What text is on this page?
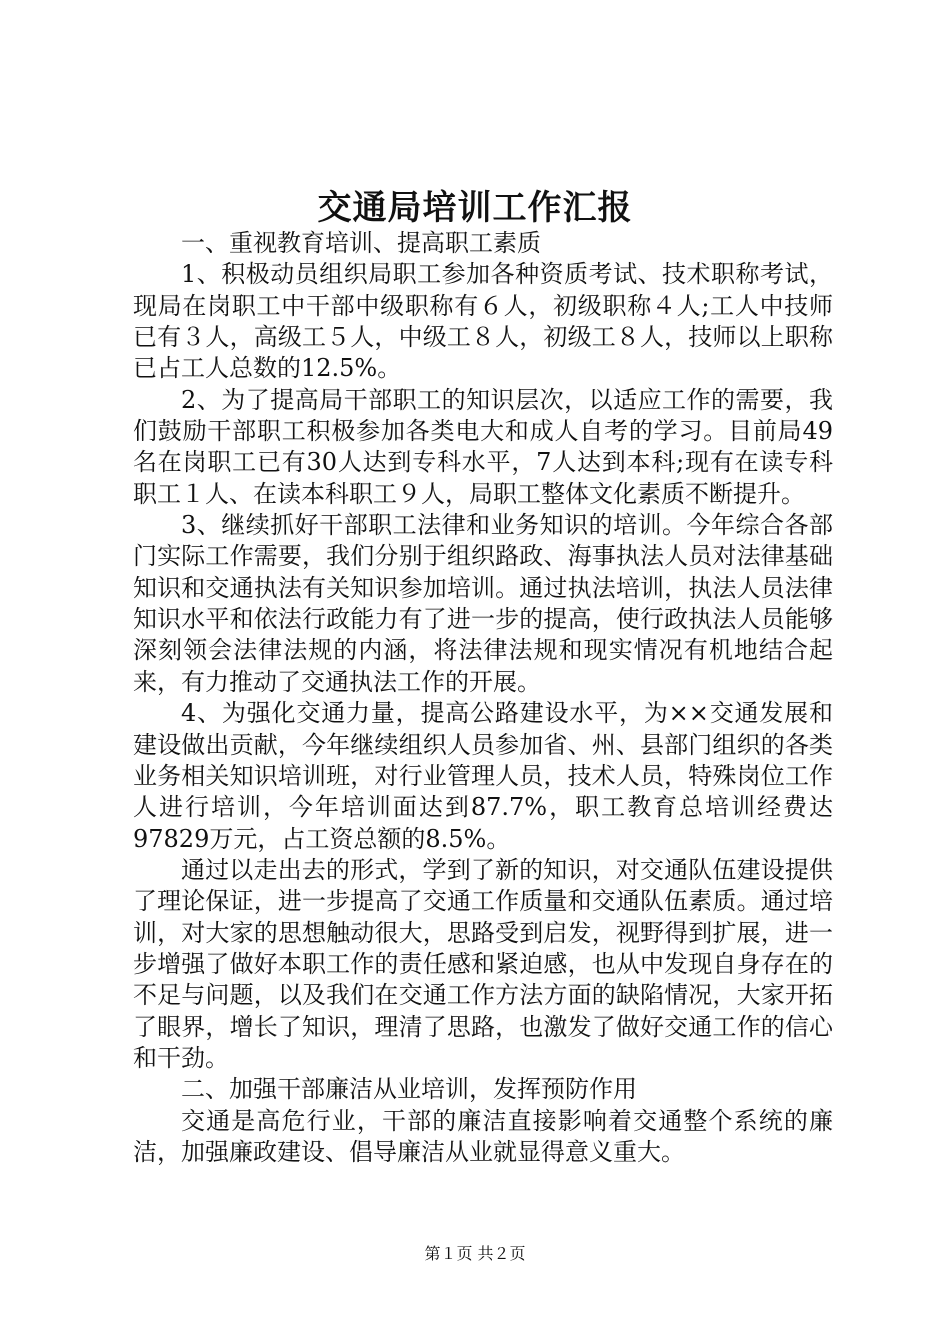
交通局培训工作汇报

一、重视教育培训、提高职工素质

1、积极动员组织局职工参加各种资质考试、技术职称考试，现局在岗职工中干部中级职称有６人，初级职称４人;工人中技师已有３人，高级工５人，中级工８人，初级工８人，技师以上职称已占工人总数的12.5%。

2、为了提高局干部职工的知识层次，以适应工作的需要，我们鼓励干部职工积极参加各类电大和成人自考的学习。目前局49名在岗职工已有30人达到专科水平，7人达到本科;现有在读专科职工１人、在读本科职工９人，局职工整体文化素质不断提升。

3、继续抓好干部职工法律和业务知识的培训。今年综合各部门实际工作需要，我们分别于组织路政、海事执法人员对法律基础知识和交通执法有关知识参加培训。通过执法培训，执法人员法律知识水平和依法行政能力有了进一步的提高，使行政执法人员能够深刻领会法律法规的内涵，将法律法规和现实情况有机地结合起来，有力推动了交通执法工作的开展。

4、为强化交通力量，提高公路建设水平，为××交通发展和建设做出贡献，今年继续组织人员参加省、州、县部门组织的各类业务相关知识培训班，对行业管理人员，技术人员，特殊岗位工作人进行培训，今年培训面达到87.7%，职工教育总培训经费达97829万元，占工资总额的8.5%。

通过以走出去的形式，学到了新的知识，对交通队伍建设提供了理论保证，进一步提高了交通工作质量和交通队伍素质。通过培训，对大家的思想触动很大，思路受到启发，视野得到扩展，进一步增强了做好本职工作的责任感和紧迫感，也从中发现自身存在的不足与问题，以及我们在交通工作方法方面的缺陷情况，大家开拓了眼界，增长了知识，理清了思路，也激发了做好交通工作的信心和干劲。

二、加强干部廉洁从业培训，发挥预防作用

交通是高危行业，干部的廉洁直接影响着交通整个系统的廉洁，加强廉政建设、倡导廉洁从业就显得意义重大。

第１页 共２页
